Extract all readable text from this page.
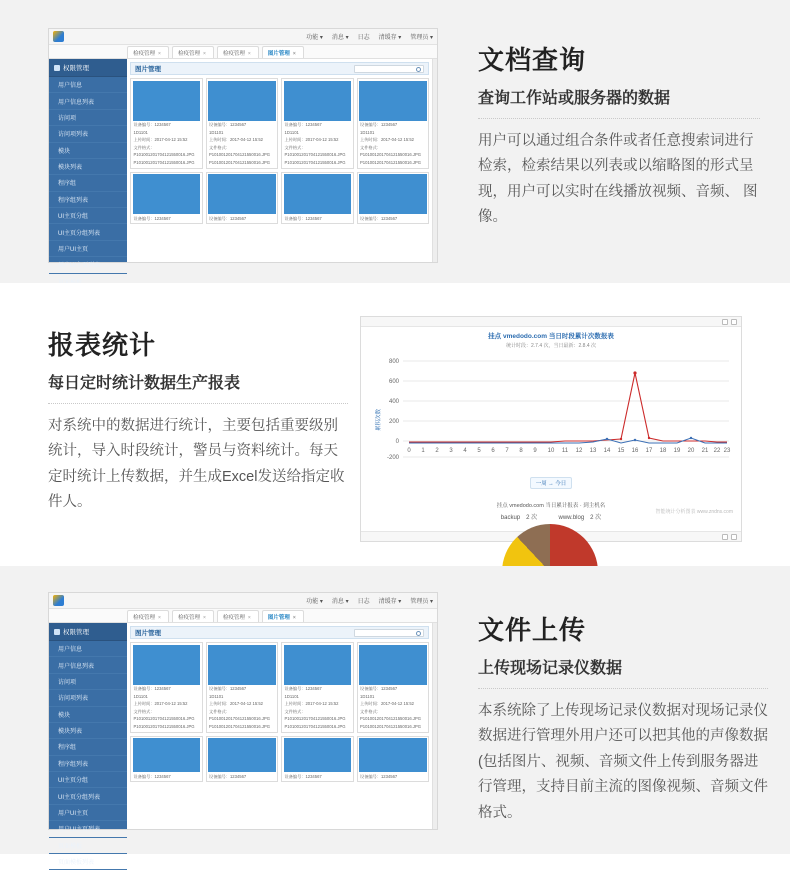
功能 ▾ 消息 ▾ 日志 清缓存 ▾ 管理员 ▾
检疫管理 ×	检疫管理 ×	检疫管理 ×	图片管理 ×
权限管理
用户信息
用户信息列表
访问项
访问项列表
模块
模块列表
程序组
程序组列表
UI主页分组
UI主页分组列表
用户UI主页
用户UI主页列表
图片管理
设备编号：1234567
1D1101
上传时间：2017-04-12 15:52
文件格式：
P101001201704121550016.JPG
P101001201704121550016.JPG
设备编号：1234567
1D1101
上传时间：2017-04-12 15:52
文件格式：
P101001201704121550016.JPG
P101001201704121550016.JPG
设备编号：1234567
1D1101
上传时间：2017-04-12 15:52
文件格式：
P101001201704121550016.JPG
P101001201704121550016.JPG
设备编号：1234567
1D1101
上传时间：2017-04-12 15:52
文件格式：
P101001201704121550016.JPG
P101001201704121550016.JPG
设备编号：1234567	设备编号：1234567	设备编号：1234567	设备编号：1234567
文档查询
查询工作站或服务器的数据

用户可以通过组合条件或者任意搜索词进行检索，检索结果以列表或以缩略图的形式呈现，用户可以实时在线播放视频、音频、 图像。

报表统计
每日定时统计数据生产报表

对系统中的数据进行统计，主要包括重要级别统计，导入时段统计，警员与资料统计。每天定时统计上传数据，并生成Excel发送给指定收件人。

挂点 vmedodo.com 当日时段累计次数报表
统计时段：2.7.4 次，当日最新：2.8.4 次
累积次数
800
600
400
200
0
-200
0 1 2 3 4 5 6 7 8 9 10 11 12 13 14 15 16 17 18 19 20 21 22 23
一周 → 今日
智能统计分析图表 www.zndns.com
挂点 vmedodo.com 当日累计报表 · 到主机名
backup　2 次	www.blog　2 次
功能 ▾ 消息 ▾ 日志 清缓存 ▾ 管理员 ▾
检疫管理 ×	检疫管理 ×	检疫管理 ×	图片管理 ×
权限管理
用户信息
用户信息列表
访问项
访问项列表
模块
模块列表
程序组
程序组列表
UI主页分组
UI主页分组列表
用户UI主页
用户UI主页列表
页面模板
页面模板列表
图片管理
设备编号：1234567
1D1101
上传时间：2017-04-12 15:52
文件格式：
P101001201704121550016.JPG
P101001201704121550016.JPG
设备编号：1234567
1D1101
上传时间：2017-04-12 15:52
文件格式：
P101001201704121550016.JPG
P101001201704121550016.JPG
设备编号：1234567
1D1101
上传时间：2017-04-12 15:52
文件格式：
P101001201704121550016.JPG
P101001201704121550016.JPG
设备编号：1234567
1D1101
上传时间：2017-04-12 15:52
文件格式：
P101001201704121550016.JPG
P101001201704121550016.JPG
设备编号：1234567	设备编号：1234567	设备编号：1234567	设备编号：1234567
文件上传
上传现场记录仪数据

本系统除了上传现场记录仪数据对现场记录仪数据进行管理外用户还可以把其他的声像数据(包括图片、视频、音频文件上传到服务器进行管理，支持目前主流的图像视频、音频文件格式。
